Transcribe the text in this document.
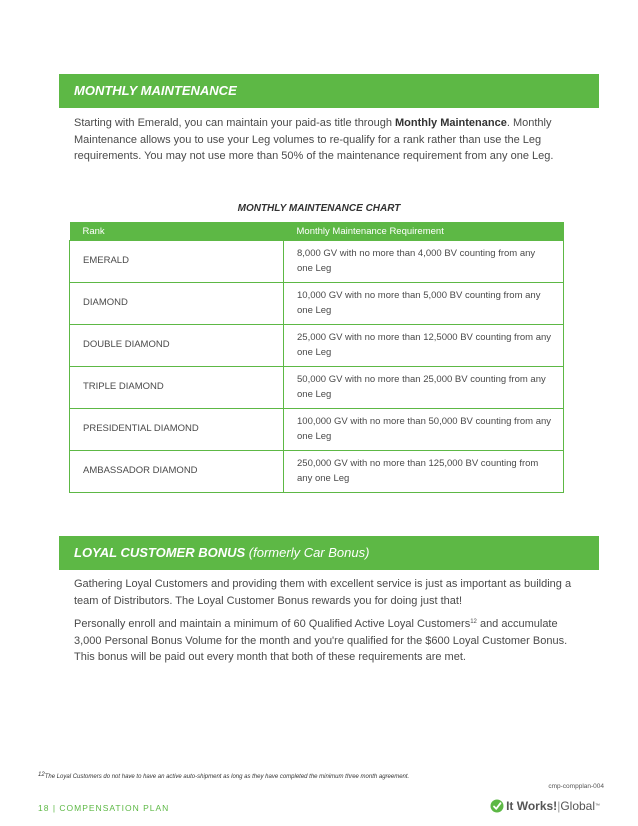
MONTHLY MAINTENANCE

Starting with Emerald, you can maintain your paid-as title through Monthly Maintenance. Monthly Maintenance allows you to use your Leg volumes to re-qualify for a rank rather than use the Leg requirements. You may not use more than 50% of the maintenance requirement from any one Leg.

MONTHLY MAINTENANCE CHART
Rank	Monthly Maintenance Requirement
EMERALD	8,000 GV with no more than 4,000 BV counting from any one Leg
DIAMOND	10,000 GV with no more than 5,000 BV counting from any one Leg
DOUBLE DIAMOND	25,000 GV with no more than 12,5000 BV counting from any one Leg
TRIPLE DIAMOND	50,000 GV with no more than 25,000 BV counting from any one Leg
PRESIDENTIAL DIAMOND	100,000 GV with no more than 50,000 BV counting from any one Leg
AMBASSADOR DIAMOND	250,000 GV with no more than 125,000 BV counting from any one Leg
LOYAL CUSTOMER BONUS (formerly Car Bonus)

Gathering Loyal Customers and providing them with excellent service is just as important as building a team of Distributors. The Loyal Customer Bonus rewards you for doing just that!

Personally enroll and maintain a minimum of 60 Qualified Active Loyal Customers$^{12}$ and accumulate 3,000 Personal Bonus Volume for the month and you're qualified for the $600 Loyal Customer Bonus. This bonus will be paid out every month that both of these requirements are met.

12The Loyal Customers do not have to have an active auto-shipment as long as they have completed the minimum three month agreement.
cmp-compplan-004
18 | COMPENSATION PLAN	It Works! | Global ™
